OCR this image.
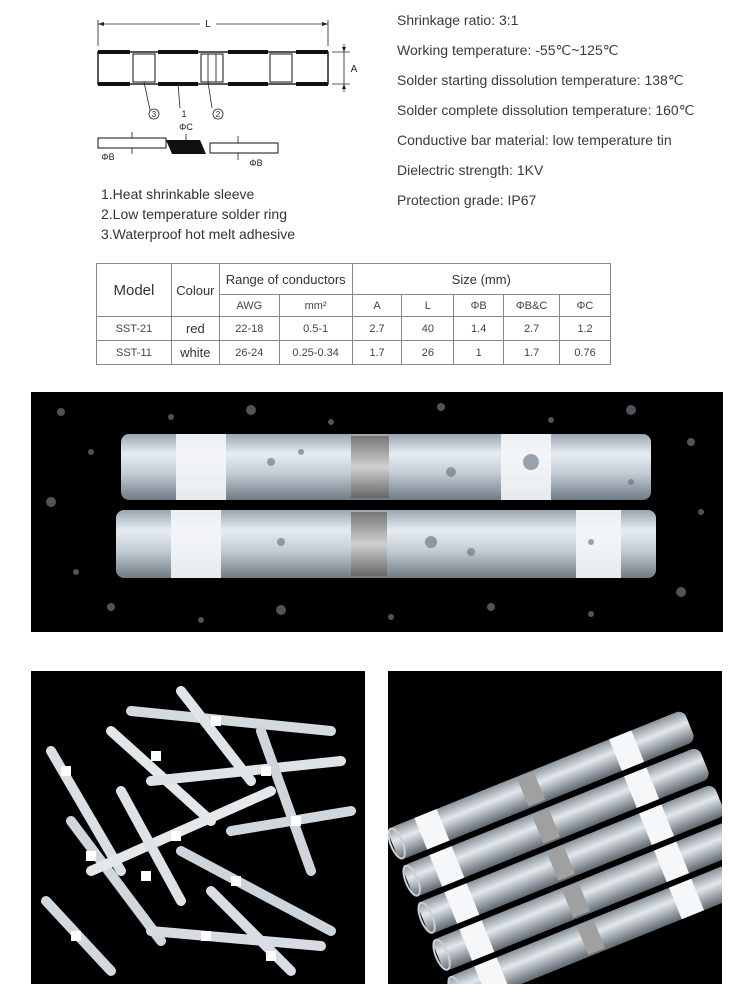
L
A
3	1	2
ΦC
ΦB
ΦB
1.Heat shrinkable sleeve
2.Low temperature solder ring
3.Waterproof hot melt adhesive
Shrinkage ratio: 3:1
Working temperature: -55℃~125℃
Solder starting dissolution temperature: 138℃
Solder complete dissolution temperature: 160℃
Conductive bar material: low temperature tin
Dielectric strength: 1KV
Protection grade: IP67
Model	Colour	Range of conductors		Size (mm)				
		AWG	mm²	A	L	ΦB	ΦB&C	ΦC
SST-21	red	22-18	0.5-1	2.7	40	1.4	2.7	1.2
SST-11	white	26-24	0.25-0.34	1.7	26	1	1.7	0.76
